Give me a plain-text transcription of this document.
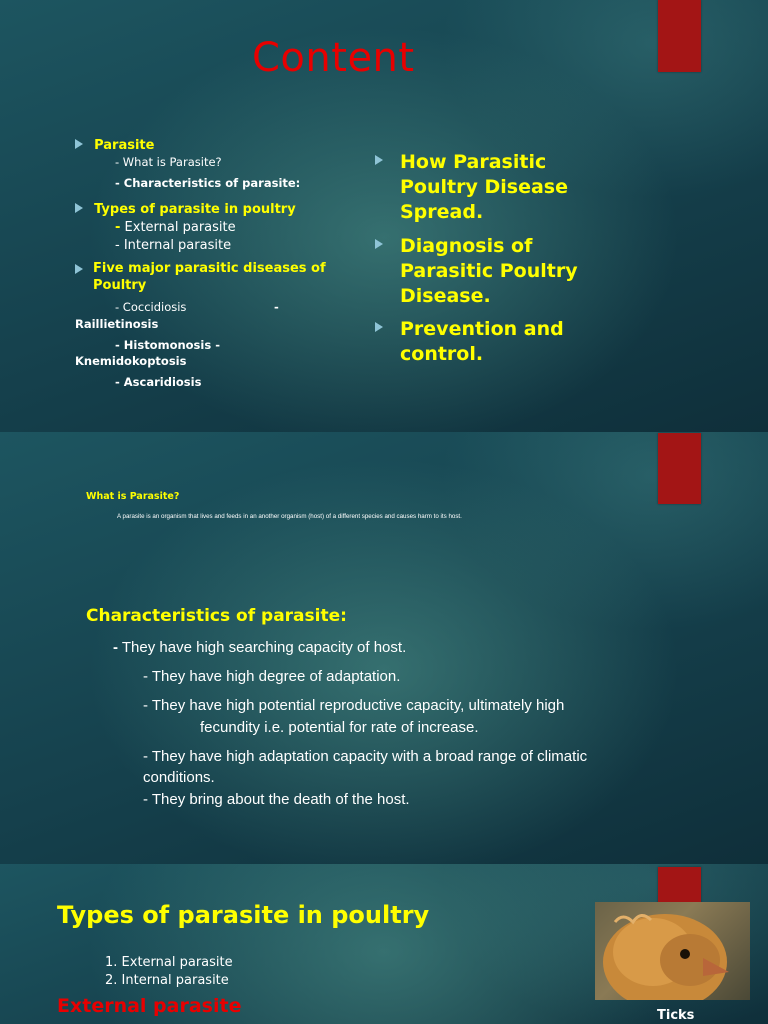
Content
Parasite
- What is Parasite?
- Characteristics of parasite:
Types of parasite in poultry
- External parasite
- Internal parasite
Five major parasitic diseases of Poultry
- Coccidiosis	-
Raillietinosis
- Histomonosis -
Knemidokoptosis
- Ascaridiosis
How Parasitic Poultry Disease Spread.
Diagnosis of Parasitic Poultry Disease.
Prevention and control.
What is Parasite?
A parasite is an organism that lives and feeds in an another organism (host) of a different species and causes harm to its host.
Characteristics of parasite:
- They have high searching capacity of host.
- They have high degree of adaptation.
- They have high potential reproductive capacity, ultimately high
fecundity i.e. potential for rate of increase.
- They have high adaptation capacity with a broad range of climatic
conditions.
- They bring about the death of the host.
Types of parasite in poultry
1. External parasite
2. Internal parasite
External parasite	Ticks
